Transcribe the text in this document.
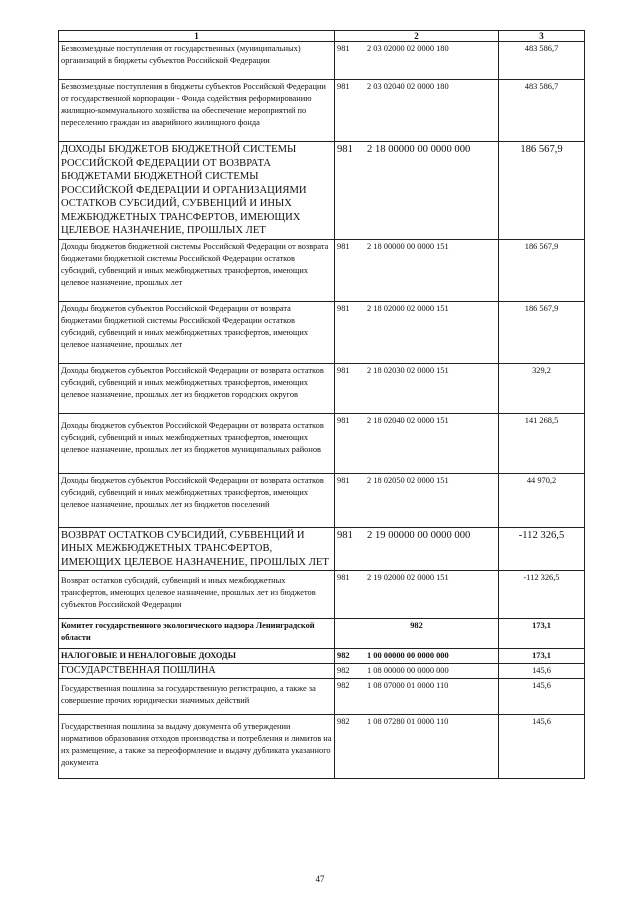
1	2	3
Безвозмездные поступления от государственных (муниципальных) организаций в бюджеты субъектов Российской Федерации	981 2 03 02000 02 0000 180	483 586,7
Безвозмездные поступления в бюджеты субъектов Российской Федерации от государственной корпорации - Фонда содействия реформированию жилищно-коммунального хозяйства на обеспечение мероприятий по переселению граждан из аварийного жилищного фонда	981 2 03 02040 02 0000 180	483 586,7
ДОХОДЫ БЮДЖЕТОВ БЮДЖЕТНОЙ СИСТЕМЫ РОССИЙСКОЙ ФЕДЕРАЦИИ ОТ ВОЗВРАТА БЮДЖЕТАМИ БЮДЖЕТНОЙ СИСТЕМЫ РОССИЙСКОЙ ФЕДЕРАЦИИ И ОРГАНИЗАЦИЯМИ ОСТАТКОВ СУБСИДИЙ, СУБВЕНЦИЙ И ИНЫХ МЕЖБЮДЖЕТНЫХ ТРАНСФЕРТОВ, ИМЕЮЩИХ ЦЕЛЕВОЕ НАЗНАЧЕНИЕ, ПРОШЛЫХ ЛЕТ	981 2 18 00000 00 0000 000	186 567,9
Доходы бюджетов бюджетной системы Российской Федерации от возврата бюджетами бюджетной системы Российской Федерации остатков субсидий, субвенций и иных межбюджетных трансфертов, имеющих целевое назначение, прошлых лет	981 2 18 00000 00 0000 151	186 567,9
Доходы бюджетов субъектов Российской Федерации от возврата бюджетами бюджетной системы Российской Федерации остатков субсидий, субвенций и иных межбюджетных трансфертов, имеющих целевое назначение, прошлых лет	981 2 18 02000 02 0000 151	186 567,9
Доходы бюджетов субъектов Российской Федерации от возврата остатков субсидий, субвенций и иных межбюджетных трансфертов, имеющих целевое назначение, прошлых лет из бюджетов городских округов	981 2 18 02030 02 0000 151	329,2
Доходы бюджетов субъектов Российской Федерации от возврата остатков субсидий, субвенций и иных межбюджетных трансфертов, имеющих целевое назначение, прошлых лет из бюджетов муниципальных районов	981 2 18 02040 02 0000 151	141 268,5
Доходы бюджетов субъектов Российской Федерации от возврата остатков субсидий, субвенций и иных межбюджетных трансфертов, имеющих целевое назначение, прошлых лет из бюджетов поселений	981 2 18 02050 02 0000 151	44 970,2
ВОЗВРАТ ОСТАТКОВ СУБСИДИЙ, СУБВЕНЦИЙ И ИНЫХ МЕЖБЮДЖЕТНЫХ ТРАНСФЕРТОВ, ИМЕЮЩИХ ЦЕЛЕВОЕ НАЗНАЧЕНИЕ, ПРОШЛЫХ ЛЕТ	981 2 19 00000 00 0000 000	-112 326,5
Возврат остатков субсидий, субвенций и иных межбюджетных трансфертов, имеющих целевое назначение, прошлых лет из бюджетов субъектов Российской Федерации	981 2 19 02000 02 0000 151	-112 326,5
Комитет государственного экологического надзора Ленинградской области	982	173,1
НАЛОГОВЫЕ И НЕНАЛОГОВЫЕ ДОХОДЫ	982 1 00 00000 00 0000 000	173,1
ГОСУДАРСТВЕННАЯ ПОШЛИНА	982 1 08 00000 00 0000 000	145,6
Государственная пошлина за государственную регистрацию, а также за совершение прочих юридически значимых действий	982 1 08 07000 01 0000 110	145,6
Государственная пошлина за выдачу документа об утверждении нормативов образования отходов производства и потребления и лимитов на их размещение, а также за переоформление и выдачу дубликата указанного документа	982 1 08 07280 01 0000 110	145,6
47
